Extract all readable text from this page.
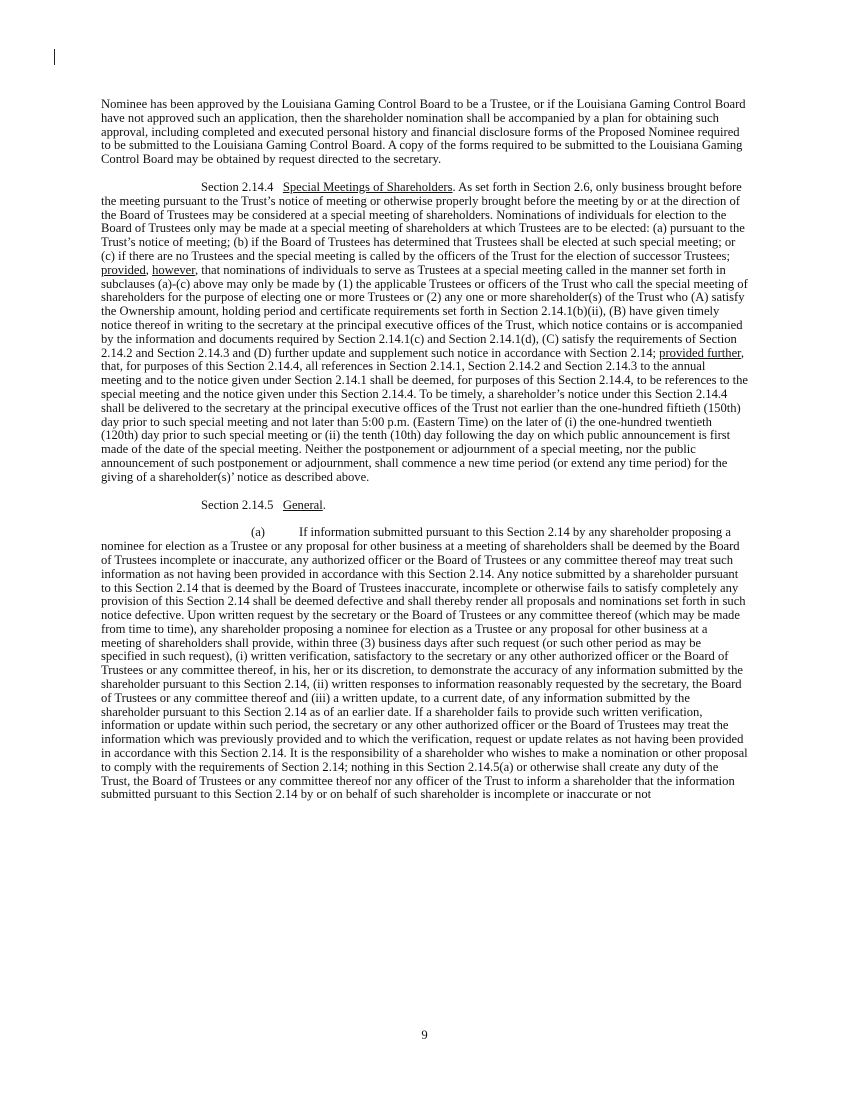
Nominee has been approved by the Louisiana Gaming Control Board to be a Trustee, or if the Louisiana Gaming Control Board have not approved such an application, then the shareholder nomination shall be accompanied by a plan for obtaining such approval, including completed and executed personal history and financial disclosure forms of the Proposed Nominee required to be submitted to the Louisiana Gaming Control Board. A copy of the forms required to be submitted to the Louisiana Gaming Control Board may be obtained by request directed to the secretary.

Section 2.14.4 Special Meetings of Shareholders. As set forth in Section 2.6, only business brought before the meeting pursuant to the Trust’s notice of meeting or otherwise properly brought before the meeting by or at the direction of the Board of Trustees may be considered at a special meeting of shareholders. Nominations of individuals for election to the Board of Trustees only may be made at a special meeting of shareholders at which Trustees are to be elected: (a) pursuant to the Trust’s notice of meeting; (b) if the Board of Trustees has determined that Trustees shall be elected at such special meeting; or (c) if there are no Trustees and the special meeting is called by the officers of the Trust for the election of successor Trustees; provided, however, that nominations of individuals to serve as Trustees at a special meeting called in the manner set forth in subclauses (a)-(c) above may only be made by (1) the applicable Trustees or officers of the Trust who call the special meeting of shareholders for the purpose of electing one or more Trustees or (2) any one or more shareholder(s) of the Trust who (A) satisfy the Ownership amount, holding period and certificate requirements set forth in Section 2.14.1(b)(ii), (B) have given timely notice thereof in writing to the secretary at the principal executive offices of the Trust, which notice contains or is accompanied by the information and documents required by Section 2.14.1(c) and Section 2.14.1(d), (C) satisfy the requirements of Section 2.14.2 and Section 2.14.3 and (D) further update and supplement such notice in accordance with Section 2.14; provided further, that, for purposes of this Section 2.14.4, all references in Section 2.14.1, Section 2.14.2 and Section 2.14.3 to the annual meeting and to the notice given under Section 2.14.1 shall be deemed, for purposes of this Section 2.14.4, to be references to the special meeting and the notice given under this Section 2.14.4. To be timely, a shareholder’s notice under this Section 2.14.4 shall be delivered to the secretary at the principal executive offices of the Trust not earlier than the one-hundred fiftieth (150th) day prior to such special meeting and not later than 5:00 p.m. (Eastern Time) on the later of (i) the one-hundred twentieth (120th) day prior to such special meeting or (ii) the tenth (10th) day following the day on which public announcement is first made of the date of the special meeting. Neither the postponement or adjournment of a special meeting, nor the public announcement of such postponement or adjournment, shall commence a new time period (or extend any time period) for the giving of a shareholder(s)’ notice as described above.

Section 2.14.5 General.

(a)	If information submitted pursuant to this Section 2.14 by any shareholder proposing a nominee for election as a Trustee or any proposal for other business at a meeting of shareholders shall be deemed by the Board of Trustees incomplete or inaccurate, any authorized officer or the Board of Trustees or any committee thereof may treat such information as not having been provided in accordance with this Section 2.14. Any notice submitted by a shareholder pursuant to this Section 2.14 that is deemed by the Board of Trustees inaccurate, incomplete or otherwise fails to satisfy completely any provision of this Section 2.14 shall be deemed defective and shall thereby render all proposals and nominations set forth in such notice defective. Upon written request by the secretary or the Board of Trustees or any committee thereof (which may be made from time to time), any shareholder proposing a nominee for election as a Trustee or any proposal for other business at a meeting of shareholders shall provide, within three (3) business days after such request (or such other period as may be specified in such request), (i) written verification, satisfactory to the secretary or any other authorized officer or the Board of Trustees or any committee thereof, in his, her or its discretion, to demonstrate the accuracy of any information submitted by the shareholder pursuant to this Section 2.14, (ii) written responses to information reasonably requested by the secretary, the Board of Trustees or any committee thereof and (iii) a written update, to a current date, of any information submitted by the shareholder pursuant to this Section 2.14 as of an earlier date. If a shareholder fails to provide such written verification, information or update within such period, the secretary or any other authorized officer or the Board of Trustees may treat the information which was previously provided and to which the verification, request or update relates as not having been provided in accordance with this Section 2.14. It is the responsibility of a shareholder who wishes to make a nomination or other proposal to comply with the requirements of Section 2.14; nothing in this Section 2.14.5(a) or otherwise shall create any duty of the Trust, the Board of Trustees or any committee thereof nor any officer of the Trust to inform a shareholder that the information submitted pursuant to this Section 2.14 by or on behalf of such shareholder is incomplete or inaccurate or not

9
